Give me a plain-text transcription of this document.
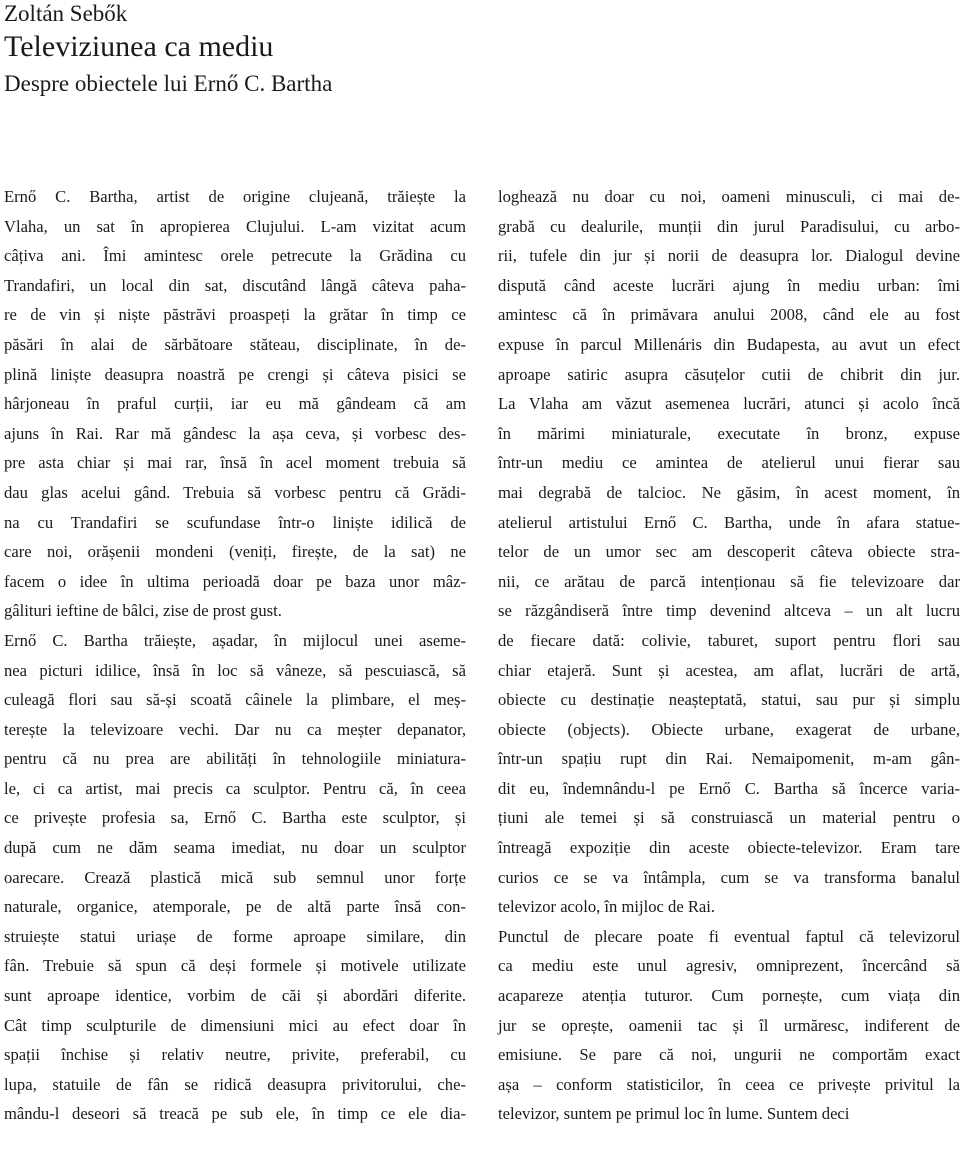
Zoltán Sebők

Televiziunea ca mediu

Despre obiectele lui Ernő C. Bartha

Ernő C. Bartha, artist de origine clujeană, trăiește la
Vlaha, un sat în apropierea Clujului. L-am vizitat acum
câțiva ani. Îmi amintesc orele petrecute la Grădina cu
Trandafiri, un local din sat, discutând lângă câteva paha-
re de vin și niște păstrăvi proaspeți la grătar în timp ce
păsări în alai de sărbătoare stăteau, disciplinate, în de-
plină liniște deasupra noastră pe crengi și câteva pisici se
hârjoneau în praful curții, iar eu mă gândeam că am
ajuns în Rai. Rar mă gândesc la așa ceva, și vorbesc des-
pre asta chiar și mai rar, însă în acel moment trebuia să
dau glas acelui gând. Trebuia să vorbesc pentru că Grădi-
na cu Trandafiri se scufundase într-o liniște idilică de
care noi, orășenii mondeni (veniți, firește, de la sat) ne
facem o idee în ultima perioadă doar pe baza unor mâz-
gâlituri ieftine de bâlci, zise de prost gust.
Ernő C. Bartha trăiește, așadar, în mijlocul unei aseme-
nea picturi idilice, însă în loc să vâneze, să pescuiască, să
culeagă flori sau să-și scoată câinele la plimbare, el meș-
terește la televizoare vechi. Dar nu ca meșter depanator,
pentru că nu prea are abilități în tehnologiile miniatura-
le, ci ca artist, mai precis ca sculptor. Pentru că, în ceea
ce privește profesia sa, Ernő C. Bartha este sculptor, și
după cum ne dăm seama imediat, nu doar un sculptor
oarecare. Crează plastică mică sub semnul unor forțe
naturale, organice, atemporale, pe de altă parte însă con-
struiește statui uriașe de forme aproape similare, din
fân. Trebuie să spun că deși formele și motivele utilizate
sunt aproape identice, vorbim de căi și abordări diferite.
Cât timp sculpturile de dimensiuni mici au efect doar în
spații închise și relativ neutre, privite, preferabil, cu
lupa, statuile de fân se ridică deasupra privitorului, che-
mându-l deseori să treacă pe sub ele, în timp ce ele dia-
loghează nu doar cu noi, oameni minusculi, ci mai de-
grabă cu dealurile, munții din jurul Paradisului, cu arbo-
rii, tufele din jur și norii de deasupra lor. Dialogul devine
dispută când aceste lucrări ajung în mediu urban: îmi
amintesc că în primăvara anului 2008, când ele au fost
expuse în parcul Millenáris din Budapesta, au avut un efect
aproape satiric asupra căsuțelor cutii de chibrit din jur.
La Vlaha am văzut asemenea lucrări, atunci și acolo încă
în mărimi miniaturale, executate în bronz, expuse
într-un mediu ce amintea de atelierul unui fierar sau
mai degrabă de talcioc. Ne găsim, în acest moment, în
atelierul artistului Ernő C. Bartha, unde în afara statue-
telor de un umor sec am descoperit câteva obiecte stra-
nii, ce arătau de parcă intenționau să fie televizoare dar
se răzgândiseră între timp devenind altceva – un alt lucru
de fiecare dată: colivie, taburet, suport pentru flori sau
chiar etajeră. Sunt și acestea, am aflat, lucrări de artă,
obiecte cu destinație neașteptată, statui, sau pur și simplu
obiecte (objects). Obiecte urbane, exagerat de urbane,
într-un spațiu rupt din Rai. Nemaipomenit, m-am gân-
dit eu, îndemnându-l pe Ernő C. Bartha să încerce varia-
țiuni ale temei și să construiască un material pentru o
întreagă expoziție din aceste obiecte-televizor. Eram tare
curios ce se va întâmpla, cum se va transforma banalul
televizor acolo, în mijloc de Rai.
Punctul de plecare poate fi eventual faptul că televizorul
ca mediu este unul agresiv, omniprezent, încercând să
acapareze atenția tuturor. Cum pornește, cum viața din
jur se oprește, oamenii tac și îl urmăresc, indiferent de
emisiune. Se pare că noi, ungurii ne comportăm exact
așa – conform statisticilor, în ceea ce privește privitul la
televizor, suntem pe primul loc în lume. Suntem deci
